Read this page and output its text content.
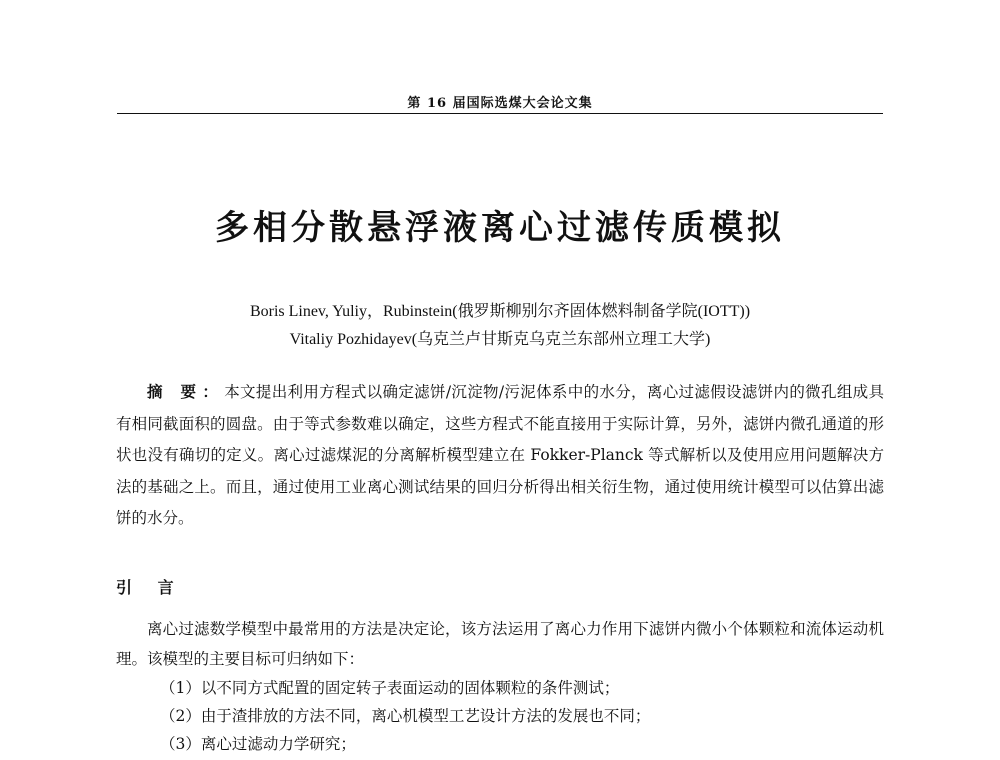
第 16 届国际选煤大会论文集
多相分散悬浮液离心过滤传质模拟
Boris Linev, Yuliy，Rubinstein(俄罗斯柳别尔齐固体燃料制备学院(IOTT))
Vitaliy Pozhidayev(乌克兰卢甘斯克乌克兰东部州立理工大学)
摘 要：本文提出利用方程式以确定滤饼/沉淀物/污泥体系中的水分，离心过滤假设滤饼内的微孔组成具有相同截面积的圆盘。由于等式参数难以确定，这些方程式不能直接用于实际计算，另外，滤饼内微孔通道的形状也没有确切的定义。离心过滤煤泥的分离解析模型建立在 Fokker-Planck 等式解析以及使用应用问题解决方法的基础之上。而且，通过使用工业离心测试结果的回归分析得出相关衍生物，通过使用统计模型可以估算出滤饼的水分。
引 言

离心过滤数学模型中最常用的方法是决定论，该方法运用了离心力作用下滤饼内微小个体颗粒和流体运动机理。该模型的主要目标可归纳如下：

（1）以不同方式配置的固定转子表面运动的固体颗粒的条件测试；
（2）由于渣排放的方法不同，离心机模型工艺设计方法的发展也不同；
（3）离心过滤动力学研究；
